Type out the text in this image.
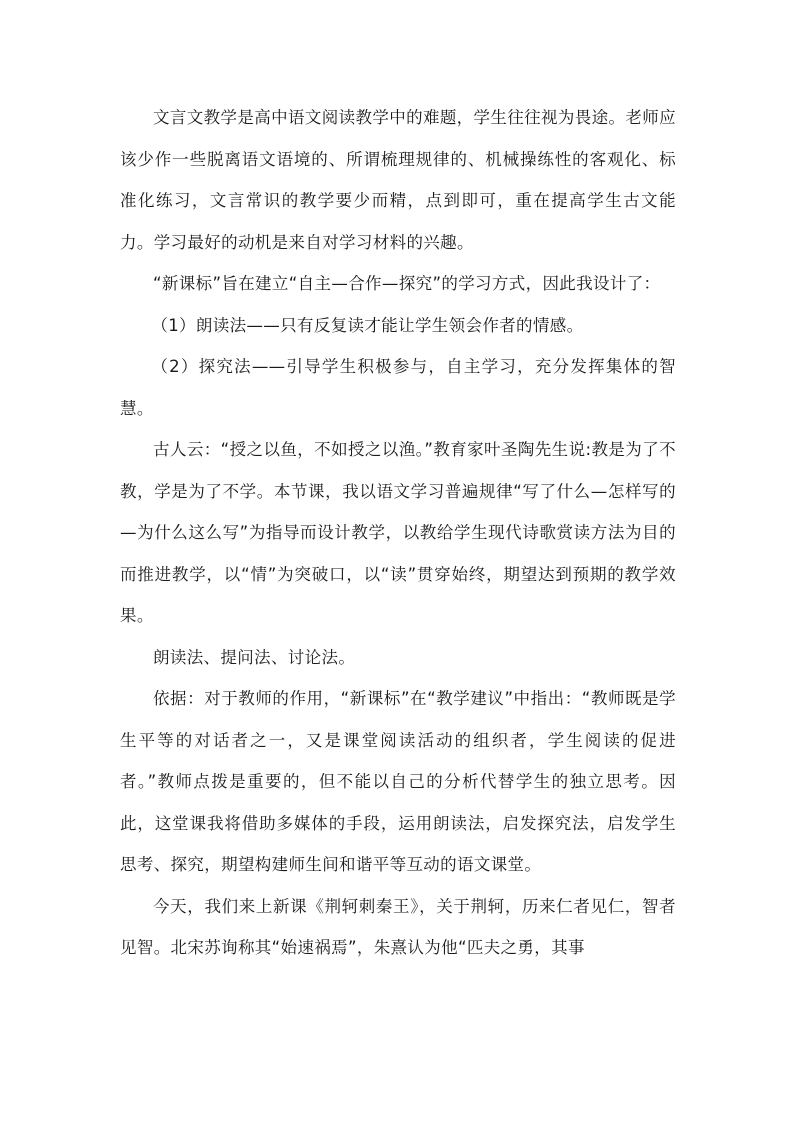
文言文教学是高中语文阅读教学中的难题，学生往往视为畏途。老师应该少作一些脱离语文语境的、所谓梳理规律的、机械操练性的客观化、标准化练习，文言常识的教学要少而精，点到即可，重在提高学生古文能力。学习最好的动机是来自对学习材料的兴趣。

“新课标”旨在建立“自主—合作—探究”的学习方式，因此我设计了：

（1）朗读法——只有反复读才能让学生领会作者的情感。

（2）探究法——引导学生积极参与，自主学习，充分发挥集体的智慧。

古人云：“授之以鱼，不如授之以渔。”教育家叶圣陶先生说:教是为了不教，学是为了不学。本节课，我以语文学习普遍规律“写了什么—怎样写的—为什么这么写”为指导而设计教学，以教给学生现代诗歌赏读方法为目的而推进教学，以“情”为突破口，以“读”贯穿始终，期望达到预期的教学效果。

朗读法、提问法、讨论法。

依据：对于教师的作用，“新课标”在“教学建议”中指出：“教师既是学生平等的对话者之一，又是课堂阅读活动的组织者，学生阅读的促进者。”教师点拨是重要的，但不能以自己的分析代替学生的独立思考。因此，这堂课我将借助多媒体的手段，运用朗读法，启发探究法，启发学生思考、探究，期望构建师生间和谐平等互动的语文课堂。

今天，我们来上新课《荆轲刺秦王》，关于荆轲，历来仁者见仁，智者见智。北宋苏询称其“始速祸焉”，朱熹认为他“匹夫之勇，其事
